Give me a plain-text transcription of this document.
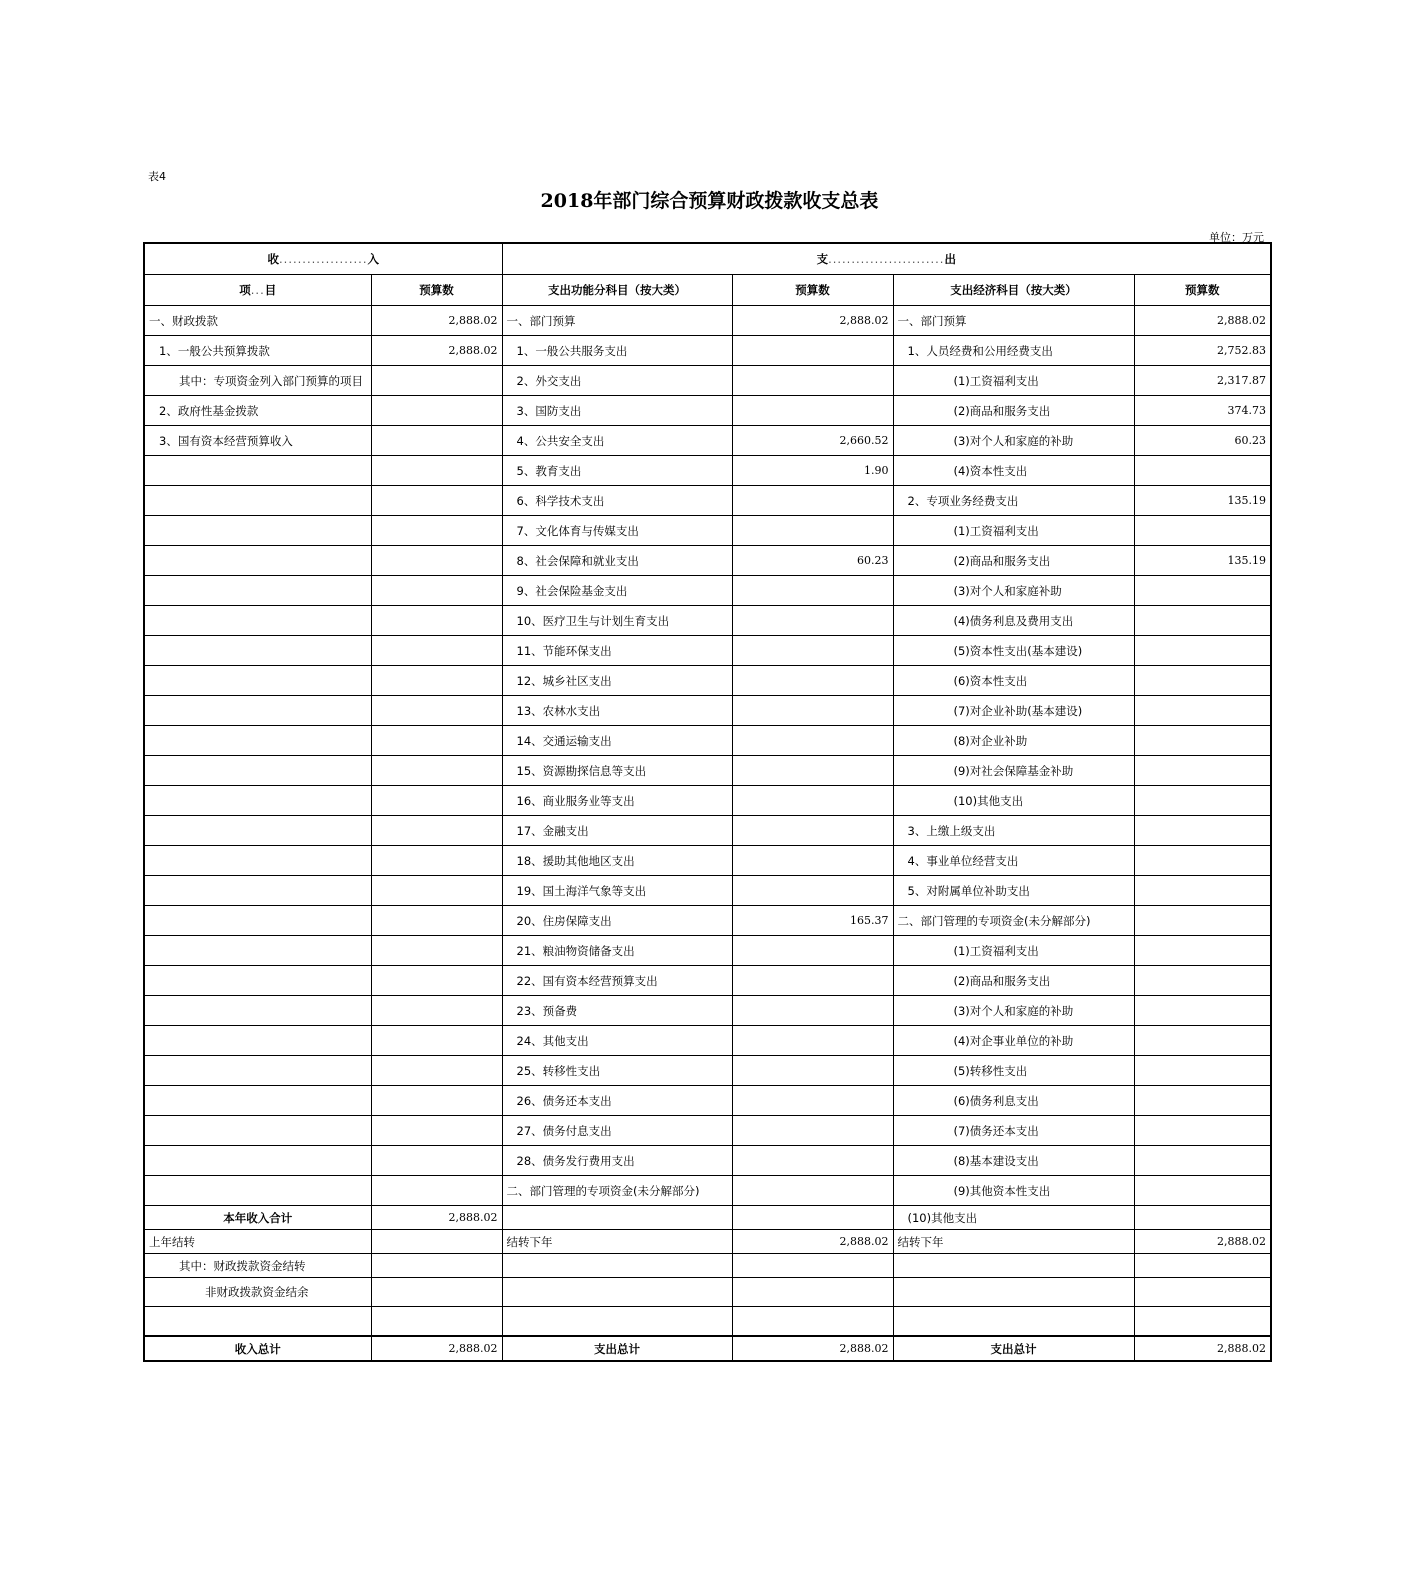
表4
2018年部门综合预算财政拨款收支总表
单位：万元
收...................入		支.........................出			
项...目	预算数	支出功能分科目（按大类）	预算数	支出经济科目（按大类）	预算数
一、财政拨款	2,888.02	一、部门预算	2,888.02	一、部门预算	2,888.02
1、一般公共预算拨款	2,888.02	1、一般公共服务支出		1、人员经费和公用经费支出	2,752.83
其中：专项资金列入部门预算的项目		2、外交支出		(1)工资福利支出	2,317.87
2、政府性基金拨款		3、国防支出		(2)商品和服务支出	374.73
3、国有资本经营预算收入		4、公共安全支出	2,660.52	(3)对个人和家庭的补助	60.23
		5、教育支出	1.90	(4)资本性支出	
		6、科学技术支出		2、专项业务经费支出	135.19
		7、文化体育与传媒支出		(1)工资福利支出	
		8、社会保障和就业支出	60.23	(2)商品和服务支出	135.19
		9、社会保险基金支出		(3)对个人和家庭补助	
		10、医疗卫生与计划生育支出		(4)债务利息及费用支出	
		11、节能环保支出		(5)资本性支出(基本建设)	
		12、城乡社区支出		(6)资本性支出	
		13、农林水支出		(7)对企业补助(基本建设)	
		14、交通运输支出		(8)对企业补助	
		15、资源勘探信息等支出		(9)对社会保障基金补助	
		16、商业服务业等支出		(10)其他支出	
		17、金融支出		3、上缴上级支出	
		18、援助其他地区支出		4、事业单位经营支出	
		19、国土海洋气象等支出		5、对附属单位补助支出	
		20、住房保障支出	165.37	二、部门管理的专项资金(未分解部分)	
		21、粮油物资储备支出		(1)工资福利支出	
		22、国有资本经营预算支出		(2)商品和服务支出	
		23、预备费		(3)对个人和家庭的补助	
		24、其他支出		(4)对企事业单位的补助	
		25、转移性支出		(5)转移性支出	
		26、债务还本支出		(6)债务利息支出	
		27、债务付息支出		(7)债务还本支出	
		28、债务发行费用支出		(8)基本建设支出	
		二、部门管理的专项资金(未分解部分)		(9)其他资本性支出	
本年收入合计	2,888.02			(10)其他支出	
上年结转		结转下年	2,888.02	结转下年	2,888.02
其中：财政拨款资金结转					
非财政拨款资金结余					

收入总计	2,888.02	支出总计	2,888.02	支出总计	2,888.02
